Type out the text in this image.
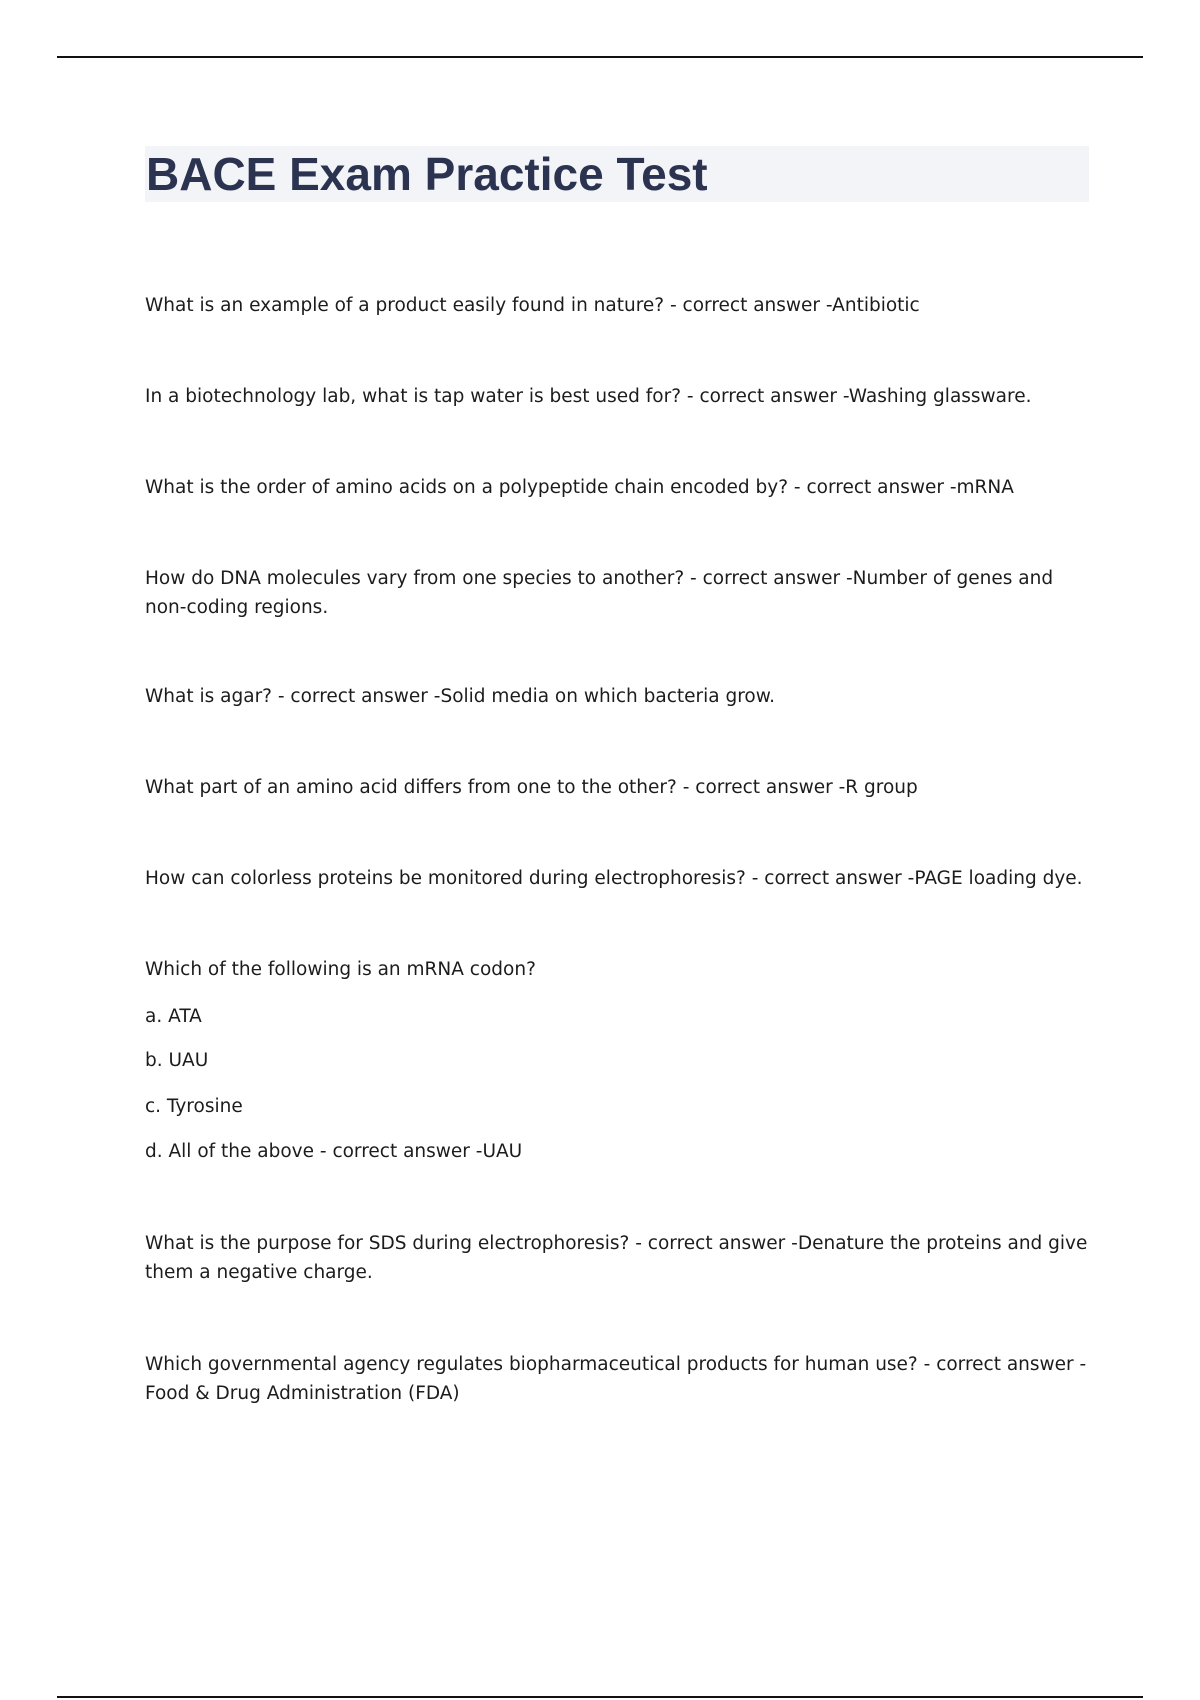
BACE Exam Practice Test

What is an example of a product easily found in nature? - correct answer -Antibiotic

In a biotechnology lab, what is tap water is best used for? - correct answer -Washing glassware.

What is the order of amino acids on a polypeptide chain encoded by? - correct answer -mRNA

How do DNA molecules vary from one species to another? - correct answer -Number of genes and non-coding regions.

What is agar? - correct answer -Solid media on which bacteria grow.

What part of an amino acid differs from one to the other? - correct answer -R group

How can colorless proteins be monitored during electrophoresis? - correct answer -PAGE loading dye.

Which of the following is an mRNA codon?

a. ATA

b. UAU

c. Tyrosine

d. All of the above - correct answer -UAU

What is the purpose for SDS during electrophoresis? - correct answer -Denature the proteins and give them a negative charge.

Which governmental agency regulates biopharmaceutical products for human use? - correct answer -Food & Drug Administration (FDA)
